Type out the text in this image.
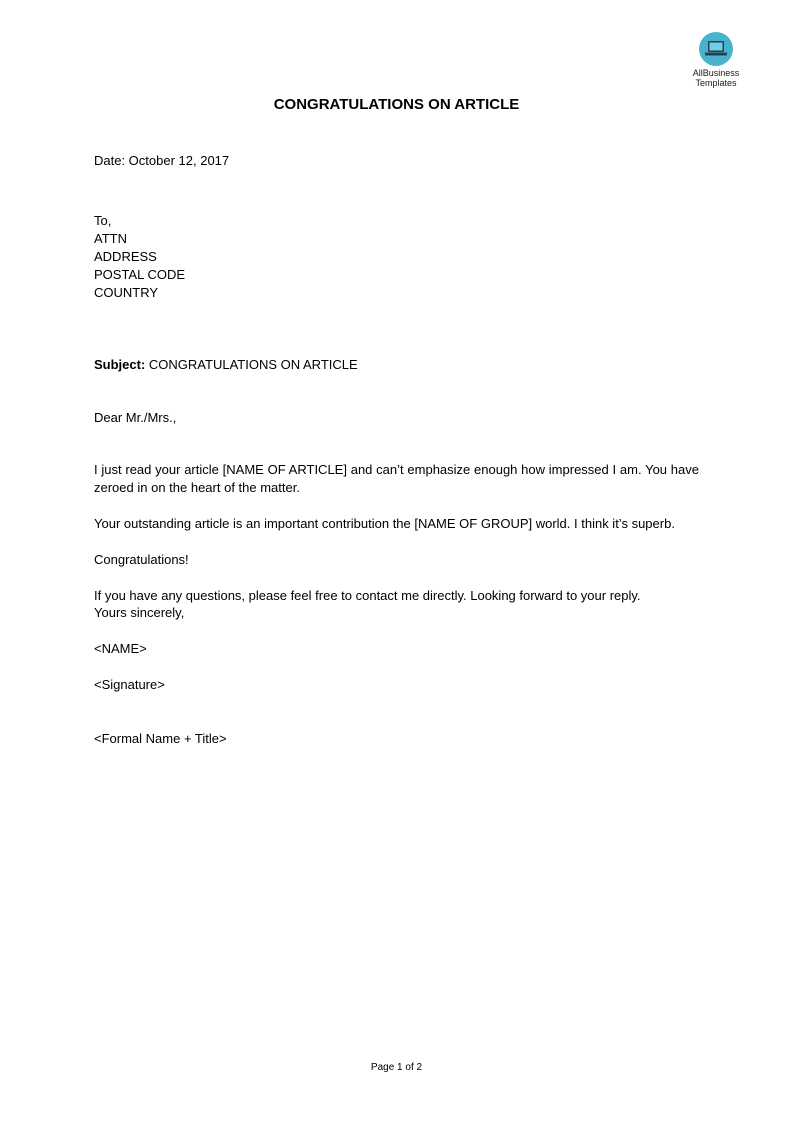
AllBusiness
Templates
CONGRATULATIONS ON ARTICLE
Date: October 12, 2017
To,
ATTN
ADDRESS
POSTAL CODE
COUNTRY
Subject: CONGRATULATIONS ON ARTICLE
Dear Mr./Mrs.,
I just read your article [NAME OF ARTICLE] and can’t emphasize enough how impressed I am. You have zeroed in on the heart of the matter.
Your outstanding article is an important contribution the [NAME OF GROUP] world. I think it’s superb.
Congratulations!
If you have any questions, please feel free to contact me directly. Looking forward to your reply.
Yours sincerely,
<NAME>
<Signature>
<Formal Name + Title>
Page 1 of 2
